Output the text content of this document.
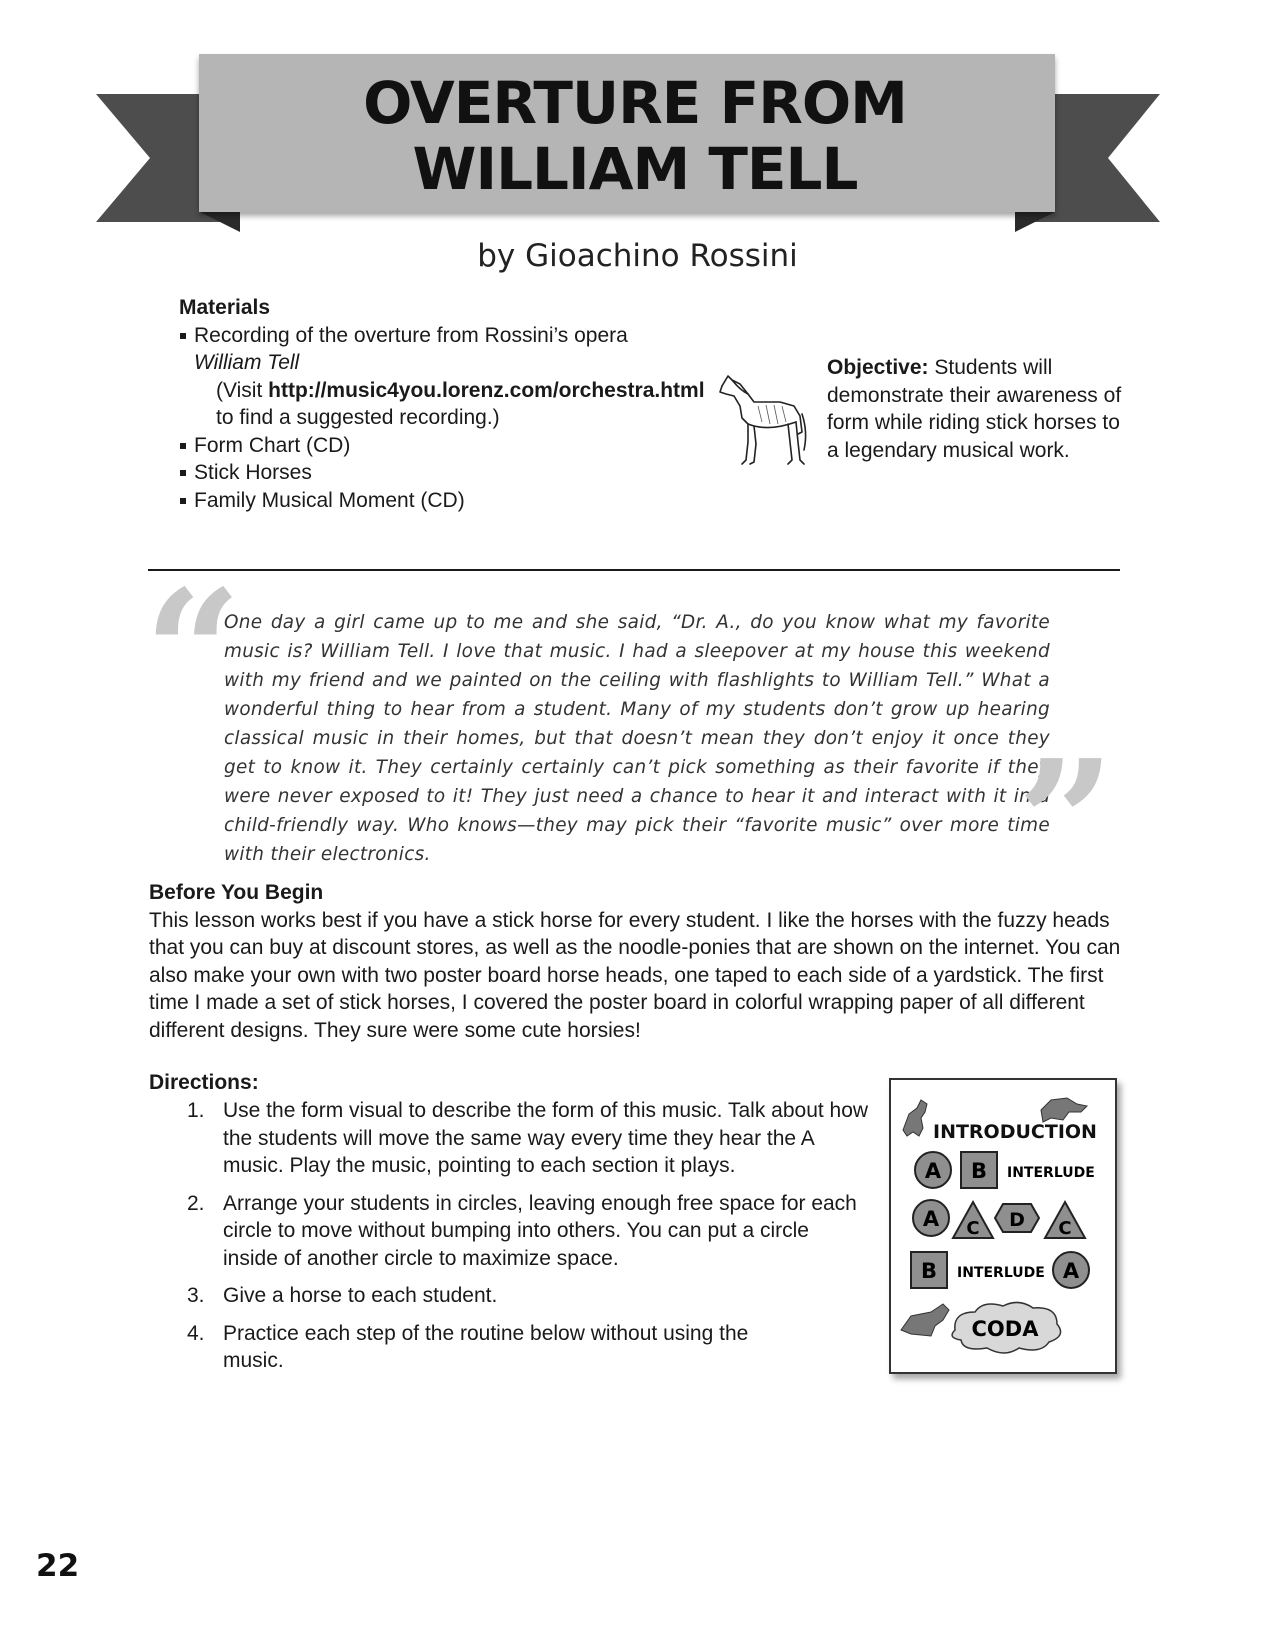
OVERTURE FROM
WILLIAM TELL
by Gioachino Rossini
Materials
Recording of the overture from Rossini’s opera
William Tell
(Visit http://music4you.lorenz.com/orchestra.html
to find a suggested recording.)
Form Chart (CD)
Stick Horses
Family Musical Moment (CD)
Objective: Students will demonstrate their awareness of form while riding stick horses to a legendary musical work.
“
One day a girl came up to me and she said, “Dr. A., do you know what my favorite music is? William Tell. I love that music. I had a sleepover at my house this weekend with my friend and we painted on the ceiling with flashlights to William Tell.” What a wonderful thing to hear from a student. Many of my students don’t grow up hearing classical music in their homes, but that doesn’t mean they don’t enjoy it once they get to know it. They certainly certainly can’t pick something as their favorite if they were never exposed to it! They just need a chance to hear it and interact with it in a child-friendly way. Who knows—they may pick their “favorite music” over more time with their electronics.	”
Before You Begin
This lesson works best if you have a stick horse for every student. I like the horses with the fuzzy heads that you can buy at discount stores, as well as the noodle-ponies that are shown on the internet. You can also make your own with two poster board horse heads, one taped to each side of a yardstick. The first time I made a set of stick horses, I covered the poster board in colorful wrapping paper of all different different designs. They sure were some cute horsies!
Directions:
1. Use the form visual to describe the form of this music. Talk about how the students will move the same way every time they hear the A music. Play the music, pointing to each section it plays.
2. Arrange your students in circles, leaving enough free space for each circle to move without bumping into others. You can put a circle inside of another circle to maximize space.
3. Give a horse to each student.
4. Practice each step of the routine below without using the music.
INTRODUCTION
A B INTERLUDE
A C D C
B INTERLUDE A
CODA
22
